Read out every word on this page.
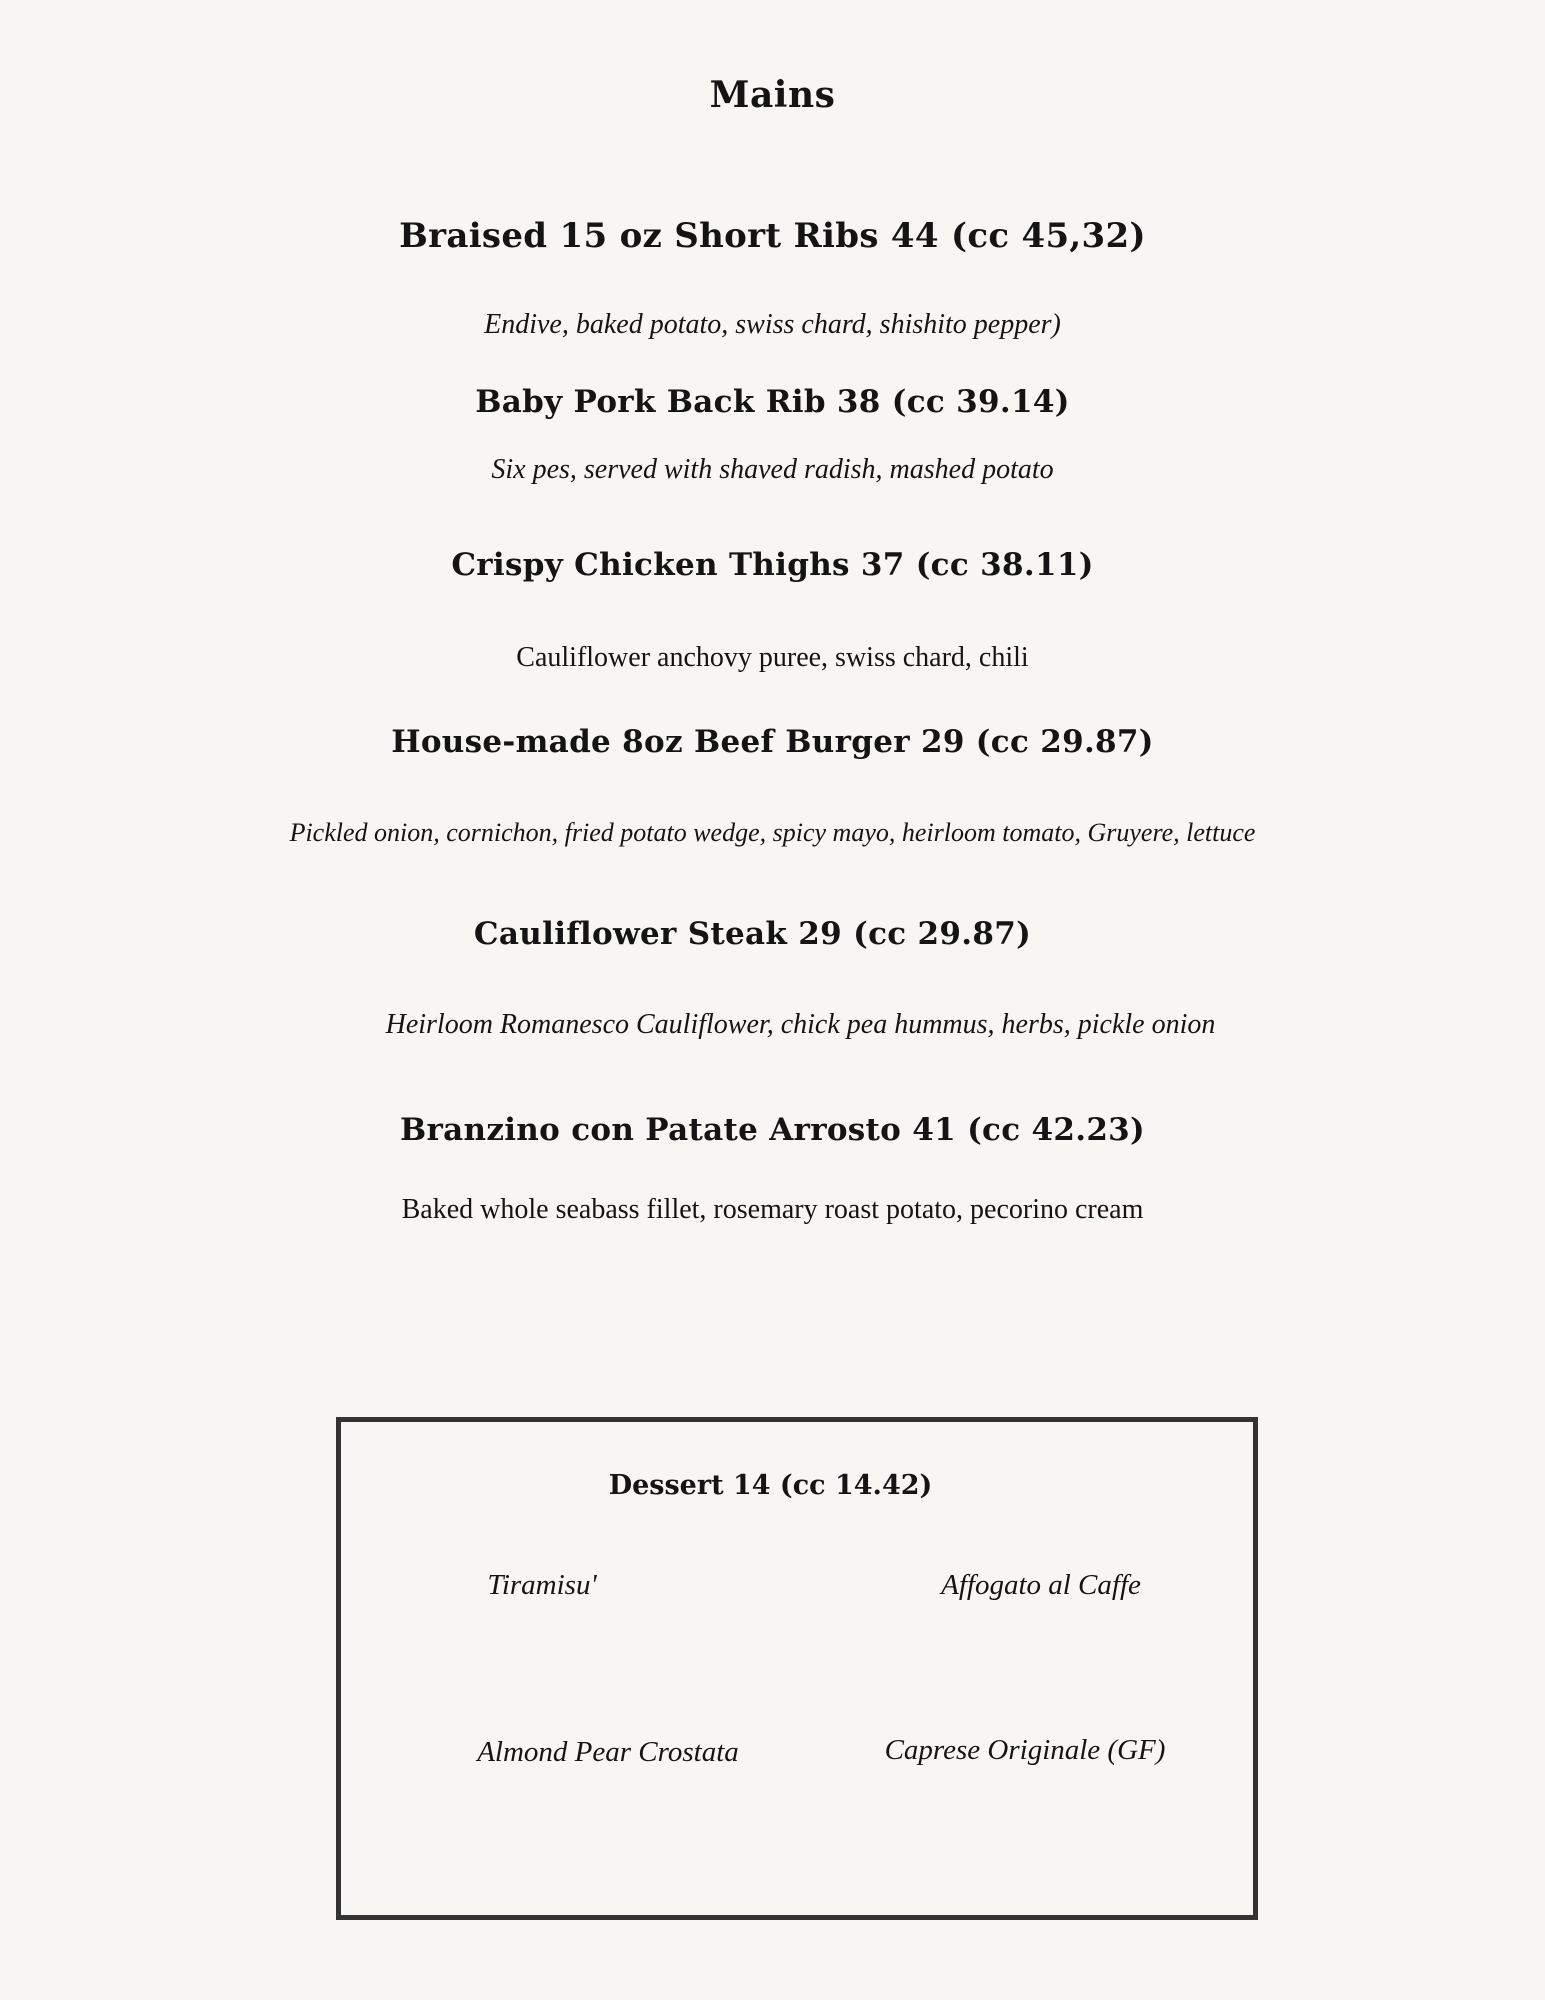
Mains
Braised 15 oz Short Ribs 44 (cc 45,32)
Endive, baked potato, swiss chard, shishito pepper)
Baby Pork Back Rib 38 (cc 39.14)
Six pes, served with shaved radish, mashed potato
Crispy Chicken Thighs 37 (cc 38.11)
Cauliflower anchovy puree, swiss chard, chili
House-made 8oz Beef Burger 29 (cc 29.87)
Pickled onion, cornichon, fried potato wedge, spicy mayo, heirloom tomato, Gruyere, lettuce
Cauliflower Steak 29 (cc 29.87)
Heirloom Romanesco Cauliflower, chick pea hummus, herbs, pickle onion
Branzino con Patate Arrosto 41 (cc 42.23)
Baked whole seabass fillet, rosemary roast potato, pecorino cream
Dessert 14 (cc 14.42)
Tiramisu'	Affogato al Caffe
Almond Pear Crostata	Caprese Originale (GF)
